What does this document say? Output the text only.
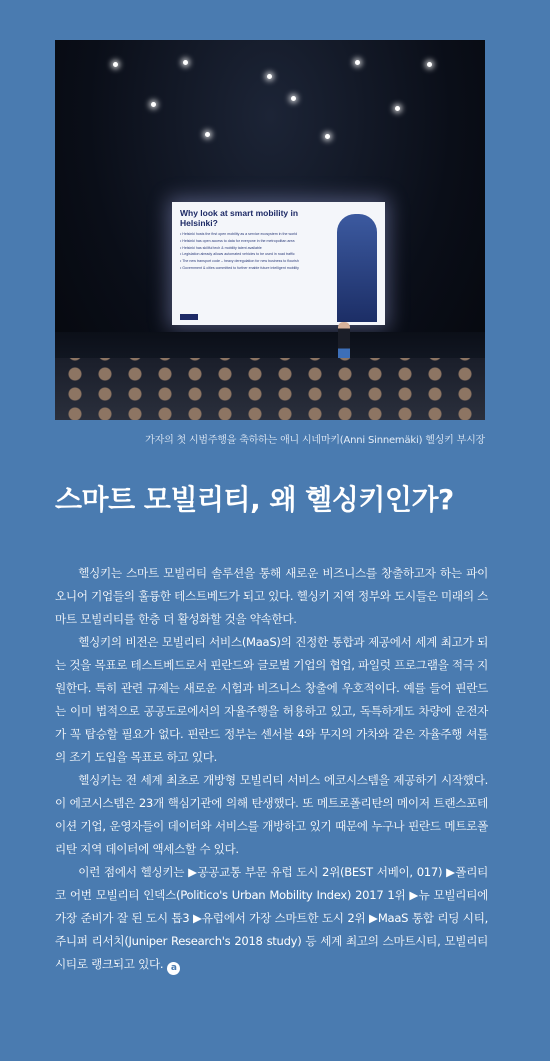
Why look at smart mobility in Helsinki?
• Helsinki hosts the first open mobility as a service ecosystem in the world
• Helsinki has open access to data for everyone in the metropolitan area
• Helsinki has skillful tech & mobility talent available
• Legislation already allows automated vehicles to be used in road traffic
• The new transport code – heavy deregulation for new business to flourish
• Government & cities committed to further enable future intelligent mobility
가자의 첫 시범주행을 축하하는 애니 시네마키(Anni Sinnemäki) 헬싱키 부시장
스마트 모빌리티, 왜 헬싱키인가?

헬싱키는 스마트 모빌리티 솔루션을 통해 새로운 비즈니스를 창출하고자 하는 파이오니어 기업들의 훌륭한 테스트베드가 되고 있다. 헬싱키 지역 정부와 도시들은 미래의 스마트 모빌리티를 한층 더 활성화할 것을 약속한다.

헬싱키의 비전은 모빌리티 서비스(MaaS)의 진정한 통합과 제공에서 세계 최고가 되는 것을 목표로 테스트베드로서 핀란드와 글로벌 기업의 협업, 파일럿 프로그램을 적극 지원한다. 특히 관련 규제는 새로운 시험과 비즈니스 창출에 우호적이다. 예를 들어 핀란드는 이미 법적으로 공공도로에서의 자율주행을 허용하고 있고, 독특하게도 차량에 운전자가 꼭 탑승할 필요가 없다. 핀란드 정부는 센서블 4와 무지의 가차와 같은 자율주행 셔틀의 조기 도입을 목표로 하고 있다.

헬싱키는 전 세계 최초로 개방형 모빌리티 서비스 에코시스템을 제공하기 시작했다. 이 에코시스템은 23개 핵심기관에 의해 탄생했다. 또 메트로폴리탄의 메이저 트랜스포테이션 기업, 운영자들이 데이터와 서비스를 개방하고 있기 때문에 누구나 핀란드 메트로폴리탄 지역 데이터에 액세스할 수 있다.

이런 점에서 헬싱키는 ▶공공교통 부문 유럽 도시 2위(BEST 서베이, 017) ▶폴리티코 어번 모빌리티 인덱스(Politico's Urban Mobility Index) 2017 1위 ▶뉴 모빌리티에 가장 준비가 잘 된 도시 톱3 ▶유럽에서 가장 스마트한 도시 2위 ▶MaaS 통합 리딩 시티, 주니퍼 리서치(Juniper Research's 2018 study) 등 세계 최고의 스마트시티, 모빌리티 시티로 랭크되고 있다. a
